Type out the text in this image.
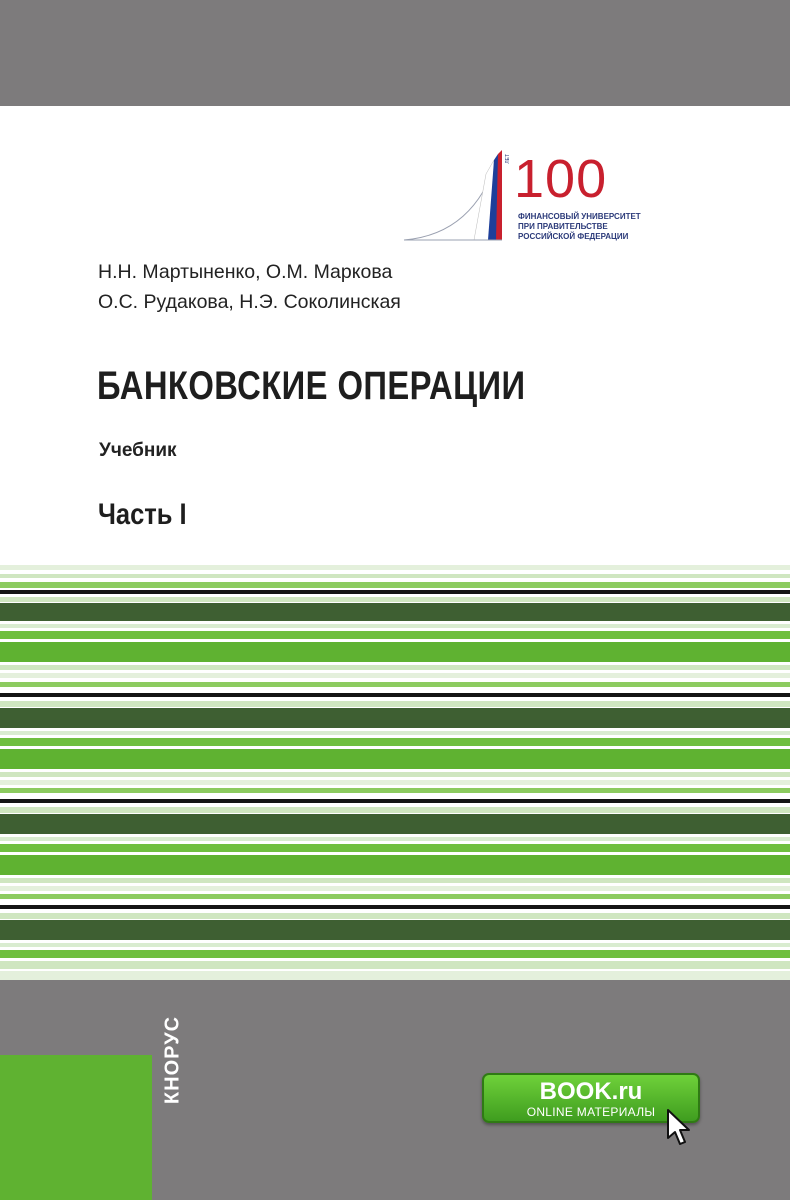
ЛЕТ 100
ФИНАНСОВЫЙ УНИВЕРСИТЕТ
ПРИ ПРАВИТЕЛЬСТВЕ
РОССИЙСКОЙ ФЕДЕРАЦИИ
Н.Н. Мартыненко, О.М. Маркова
О.С. Рудакова, Н.Э. Соколинская
БАНКОВСКИЕ ОПЕРАЦИИ
Учебник
Часть I
КНОРУС	BOOK.ru
ONLINE МАТЕРИАЛЫ
